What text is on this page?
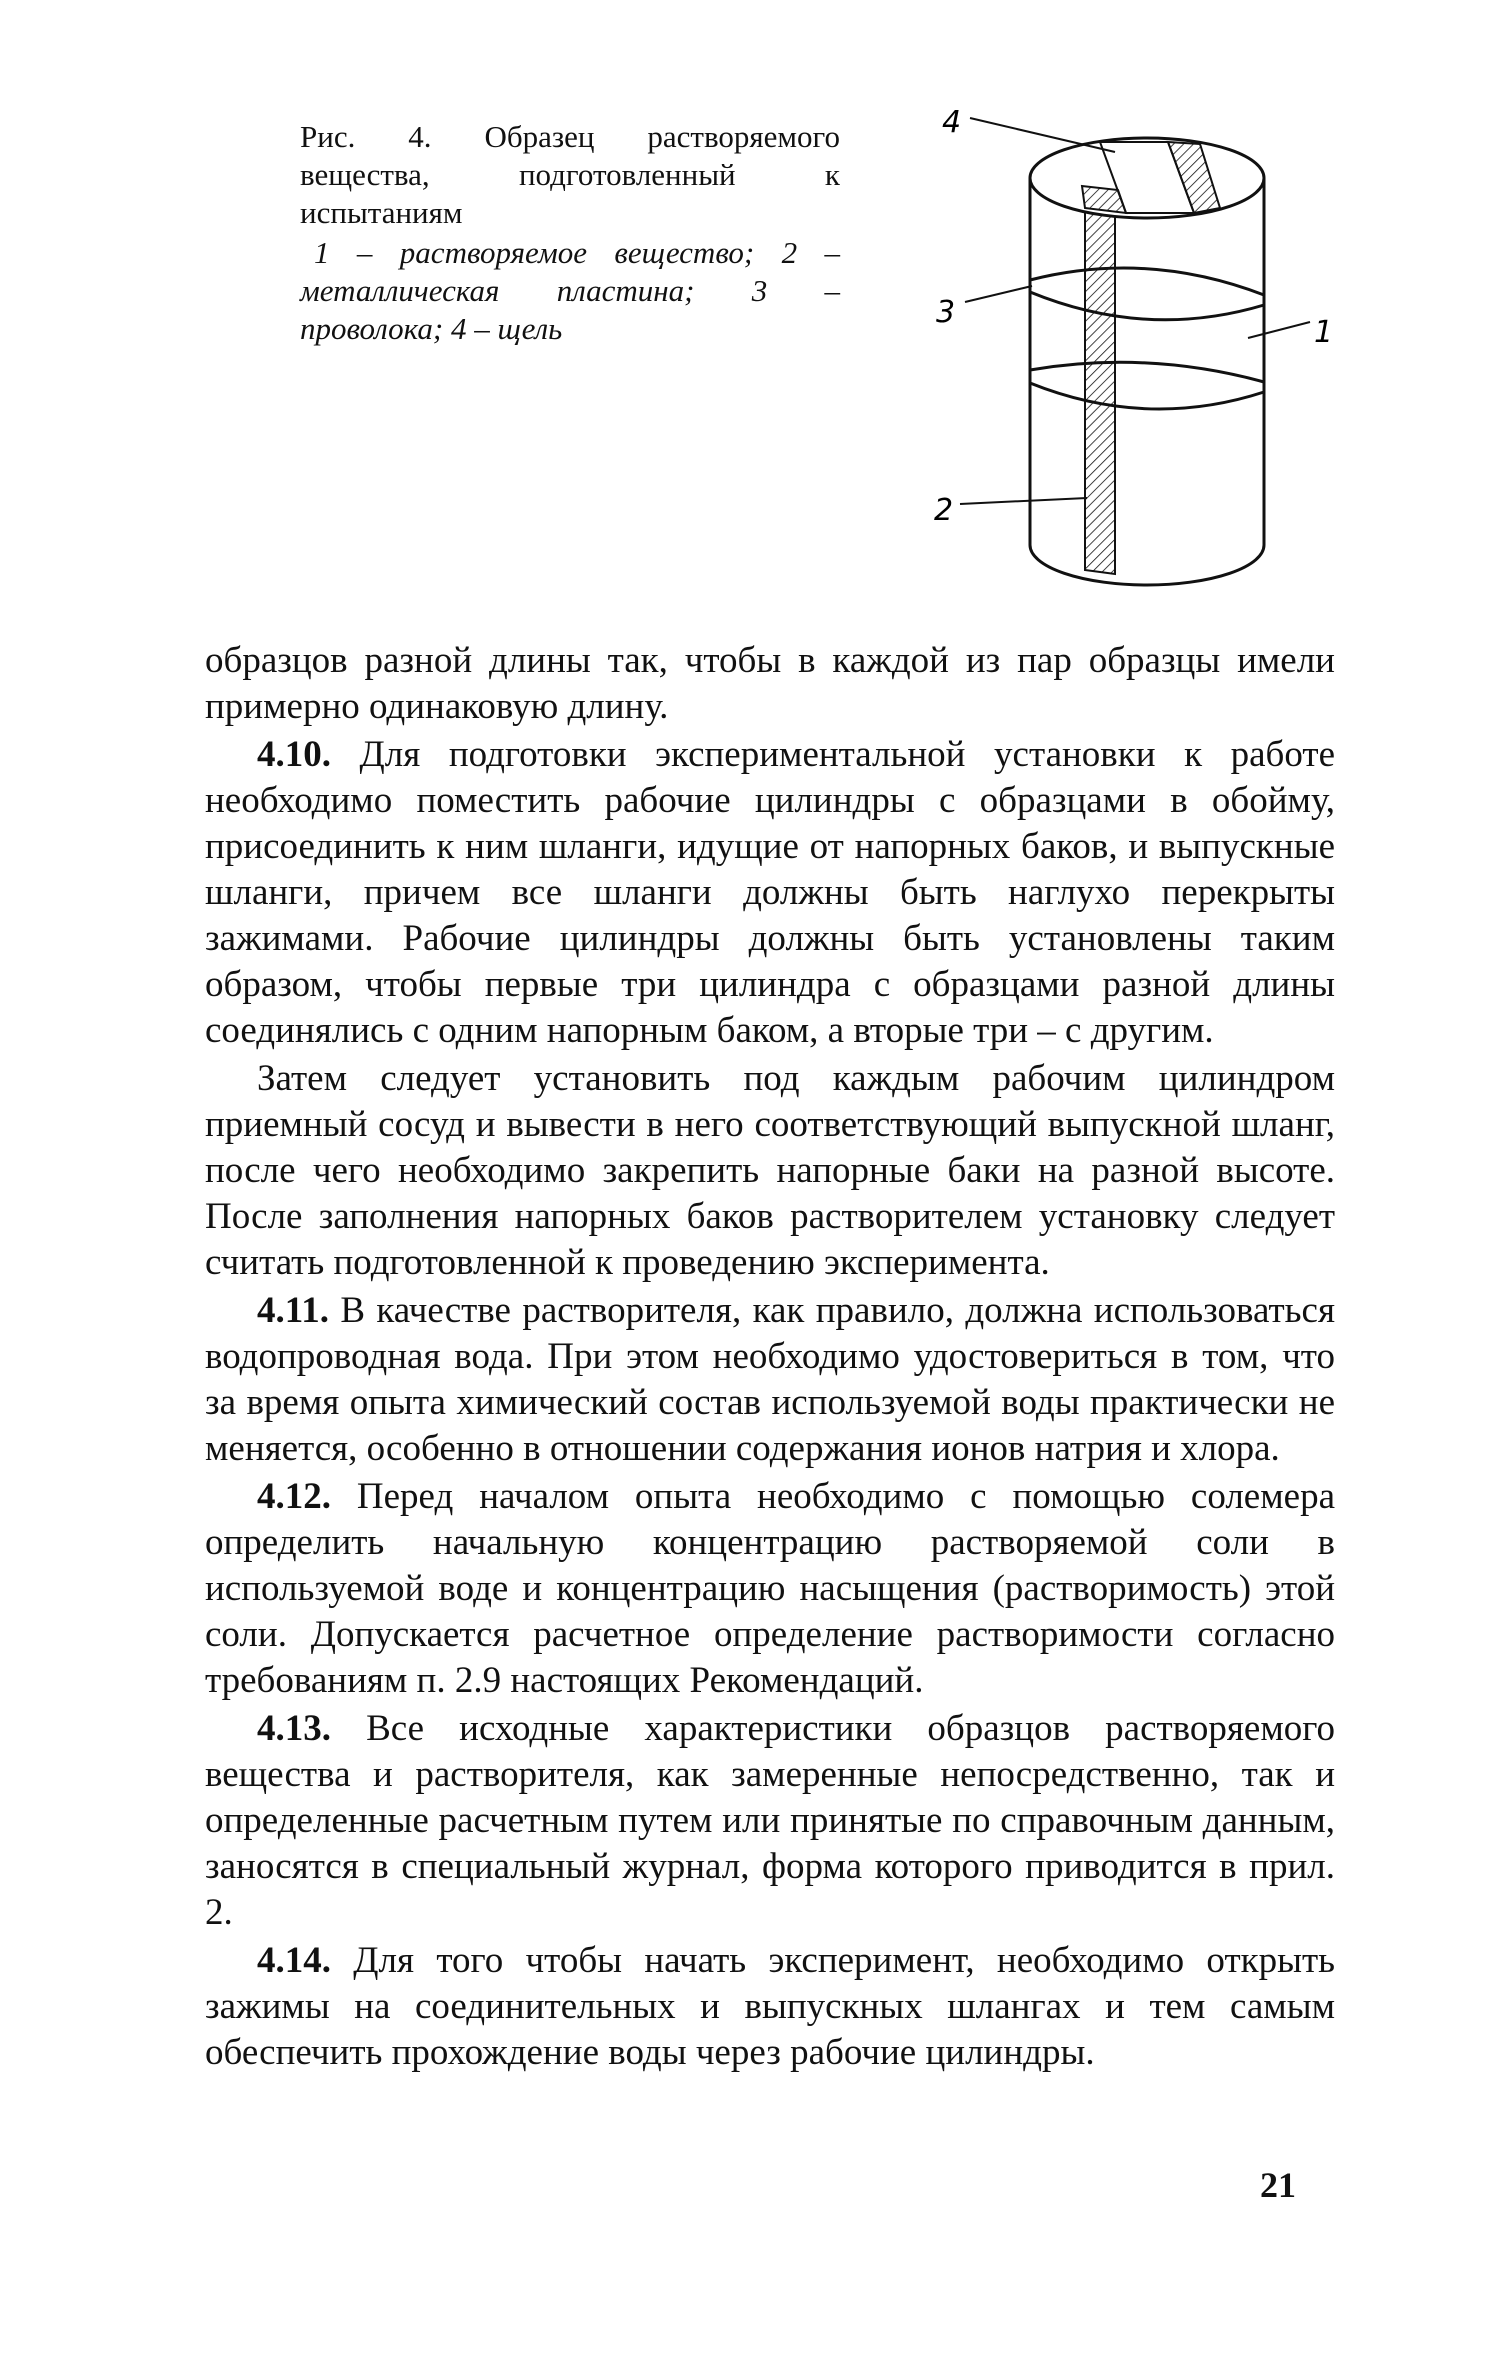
Рис. 4. Образец растворяемого вещества, подготовленный к испытаниям

1 – растворяемое вещество; 2 – металлическая пластина; 3 – проволока; 4 – щель

4
3
1
2

образцов разной длины так, чтобы в каждой из пар образцы имели примерно одинаковую длину.

4.10. Для подготовки экспериментальной установки к работе необходимо поместить рабочие цилиндры с образцами в обойму, присоединить к ним шланги, идущие от напорных баков, и выпускные шланги, причем все шланги должны быть наглухо перекрыты зажимами. Рабочие цилиндры должны быть установлены таким образом, чтобы первые три цилиндра с образцами разной длины соединялись с одним напорным баком, а вторые три – с другим.

Затем следует установить под каждым рабочим цилиндром приемный сосуд и вывести в него соответствующий выпускной шланг, после чего необходимо закрепить напорные баки на разной высоте. После заполнения напорных баков растворителем установку следует считать подготовленной к проведению эксперимента.

4.11. В качестве растворителя, как правило, должна использоваться водопроводная вода. При этом необходимо удостовериться в том, что за время опыта химический состав используемой воды практически не меняется, особенно в отношении содержания ионов натрия и хлора.

4.12. Перед началом опыта необходимо с помощью солемера определить начальную концентрацию растворяемой соли в используемой воде и концентрацию насыщения (растворимость) этой соли. Допускается расчетное определение растворимости согласно требованиям п. 2.9 настоящих Рекомендаций.

4.13. Все исходные характеристики образцов растворяемого вещества и растворителя, как замеренные непосредственно, так и определенные расчетным путем или принятые по справочным данным, заносятся в специальный журнал, форма которого приводится в прил. 2.

4.14. Для того чтобы начать эксперимент, необходимо открыть зажимы на соединительных и выпускных шлангах и тем самым обеспечить прохождение воды через рабочие цилиндры.

21
